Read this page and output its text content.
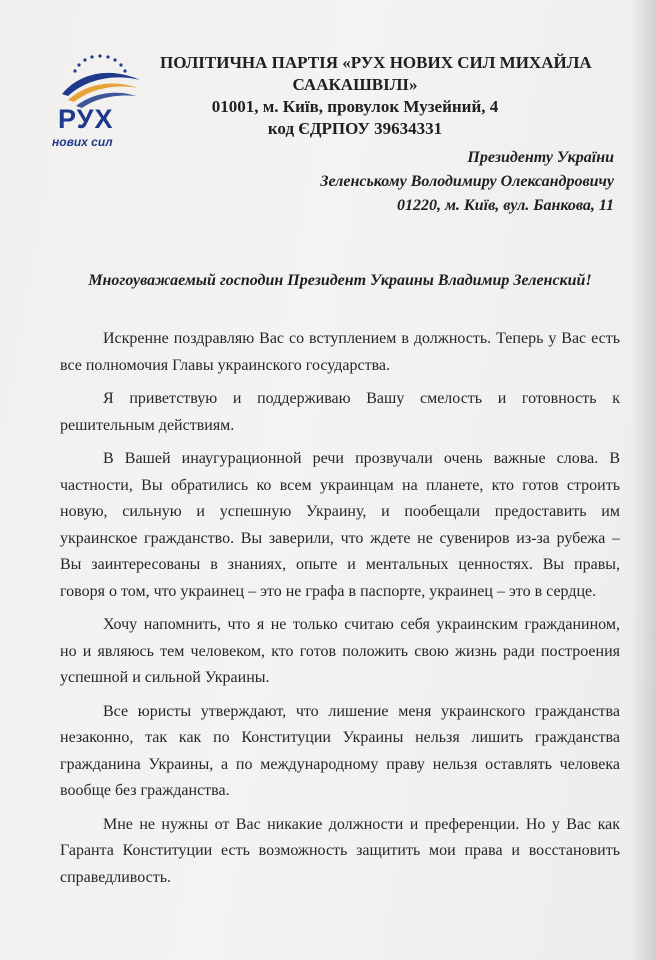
РУХ
нових сил
ПОЛІТИЧНА ПАРТІЯ «РУХ НОВИХ СИЛ МИХАЙЛА
СААКАШВІЛІ»
01001, м. Київ, провулок Музейний, 4
код ЄДРПОУ 39634331
Президенту України
Зеленському Володимиру Олександровичу
01220, м. Київ, вул. Банкова, 11
Многоуважаемый господин Президент Украины Владимир Зеленский!
Искренне поздравляю Вас со вступлением в должность. Теперь у Вас есть
все полномочия Главы украинского государства.
Я приветствую и поддерживаю Вашу смелость и готовность к
решительным действиям.
В Вашей инаугурационной речи прозвучали очень важные слова. В
частности, Вы обратились ко всем украинцам на планете, кто готов строить
новую, сильную и успешную Украину, и пообещали предоставить им
украинское гражданство. Вы заверили, что ждете не сувениров из-за рубежа –
Вы заинтересованы в знаниях, опыте и ментальных ценностях. Вы правы,
говоря о том, что украинец – это не графа в паспорте, украинец – это в сердце.
Хочу напомнить, что я не только считаю себя украинским гражданином,
но и являюсь тем человеком, кто готов положить свою жизнь ради построения
успешной и сильной Украины.
Все юристы утверждают, что лишение меня украинского гражданства
незаконно, так как по Конституции Украины нельзя лишить гражданства
гражданина Украины, а по международному праву нельзя оставлять человека
вообще без гражданства.
Мне не нужны от Вас никакие должности и преференции. Но у Вас как
Гаранта Конституции есть возможность защитить мои права и восстановить
справедливость.
